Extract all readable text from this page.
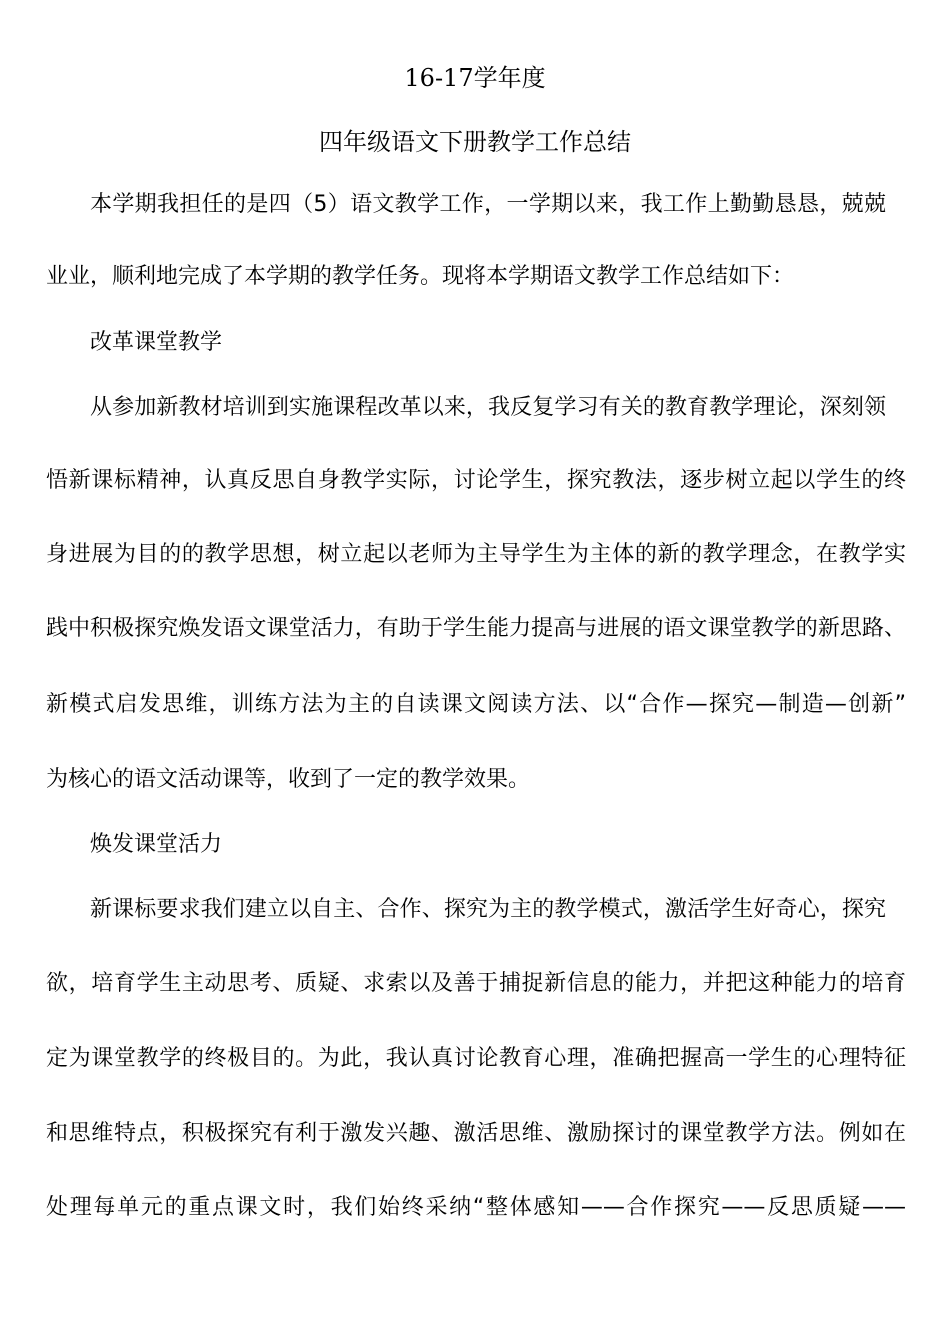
16-17学年度
四年级语文下册教学工作总结
本学期我担任的是四（5）语文教学工作，一学期以来，我工作上勤勤恳恳，兢兢
业业，顺利地完成了本学期的教学任务。现将本学期语文教学工作总结如下：
改革课堂教学
从参加新教材培训到实施课程改革以来，我反复学习有关的教育教学理论，深刻领
悟新课标精神，认真反思自身教学实际，讨论学生，探究教法，逐步树立起以学生的终
身进展为目的的教学思想，树立起以老师为主导学生为主体的新的教学理念，在教学实
践中积极探究焕发语文课堂活力，有助于学生能力提高与进展的语文课堂教学的新思路、
新模式启发思维，训练方法为主的自读课文阅读方法、以“合作—探究—制造—创新”
为核心的语文活动课等，收到了一定的教学效果。
焕发课堂活力
新课标要求我们建立以自主、合作、探究为主的教学模式，激活学生好奇心，探究
欲，培育学生主动思考、质疑、求索以及善于捕捉新信息的能力，并把这种能力的培育
定为课堂教学的终极目的。为此，我认真讨论教育心理，准确把握高一学生的心理特征
和思维特点，积极探究有利于激发兴趣、激活思维、激励探讨的课堂教学方法。例如在
处理每单元的重点课文时，我们始终采纳“整体感知——合作探究——反思质疑——
